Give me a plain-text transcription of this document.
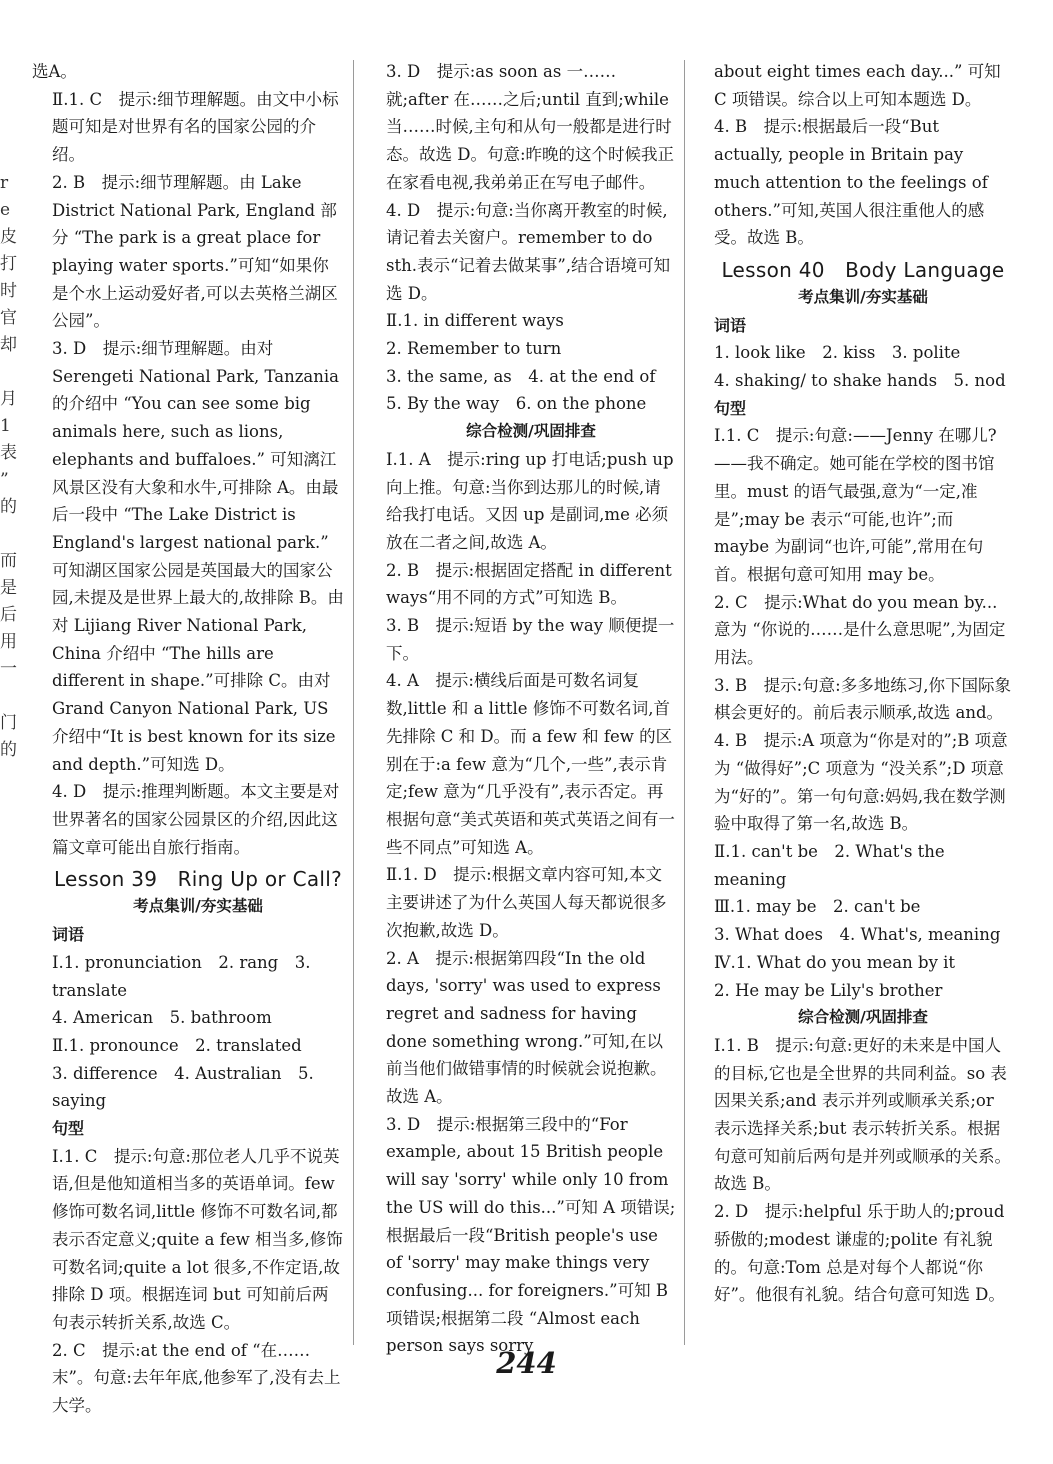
r
e
皮
打
时
官
却
月
1
表
”
的
而
是
后
用
一
门
的

选A。

Ⅱ.1. C　提示:细节理解题。由文中小标题可知是对世界有名的国家公园的介绍。

2. B　提示:细节理解题。由 Lake District National Park, England 部分 “The park is a great place for playing water sports.”可知“如果你是个水上运动爱好者,可以去英格兰湖区公园”。

3. D　提示:细节理解题。由对Serengeti National Park, Tanzania 的介绍中 “You can see some big animals here, such as lions, elephants and buffaloes.” 可知漓江风景区没有大象和水牛,可排除 A。由最后一段中 “The Lake District is England's largest national park.” 可知湖区国家公园是英国最大的国家公园,未提及是世界上最大的,故排除 B。由对 Lijiang River National Park, China 介绍中 “The hills are different in shape.”可排除 C。由对 Grand Canyon National Park, US 介绍中“It is best known for its size and depth.”可知选 D。

4. D　提示:推理判断题。本文主要是对世界著名的国家公园景区的介绍,因此这篇文章可能出自旅行指南。

Lesson 39　Ring Up or Call?

考点集训/夯实基础

词语

Ⅰ.1. pronunciation　2. rang　3. translate

4. American　5. bathroom

Ⅱ.1. pronounce　2. translated

3. difference　4. Australian　5. saying

句型

Ⅰ.1. C　提示:句意:那位老人几乎不说英语,但是他知道相当多的英语单词。few 修饰可数名词,little 修饰不可数名词,都表示否定意义;quite a few 相当多,修饰可数名词;quite a lot 很多,不作定语,故排除 D 项。根据连词 but 可知前后两句表示转折关系,故选 C。

2. C　提示:at the end of “在……末”。句意:去年年底,他参军了,没有去上大学。

3. D　提示:as soon as 一……就;after 在……之后;until 直到;while 当……时候,主句和从句一般都是进行时态。故选 D。句意:昨晚的这个时候我正在家看电视,我弟弟正在写电子邮件。

4. D　提示:句意:当你离开教室的时候,请记着去关窗户。remember to do sth.表示“记着去做某事”,结合语境可知选 D。

Ⅱ.1. in different ways

2. Remember to turn

3. the same, as　4. at the end of

5. By the way　6. on the phone

综合检测/巩固排查

Ⅰ.1. A　提示:ring up 打电话;push up 向上推。句意:当你到达那儿的时候,请给我打电话。又因 up 是副词,me 必须放在二者之间,故选 A。

2. B　提示:根据固定搭配 in different ways“用不同的方式”可知选 B。

3. B　提示:短语 by the way 顺便提一下。

4. A　提示:横线后面是可数名词复数,little 和 a little 修饰不可数名词,首先排除 C 和 D。而 a few 和 few 的区别在于:a few 意为“几个,一些”,表示肯定;few 意为“几乎没有”,表示否定。再根据句意“美式英语和英式英语之间有一些不同点”可知选 A。

Ⅱ.1. D　提示:根据文章内容可知,本文主要讲述了为什么英国人每天都说很多次抱歉,故选 D。

2. A　提示:根据第四段“In the old days, 'sorry' was used to express regret and sadness for having done something wrong.”可知,在以前当他们做错事情的时候就会说抱歉。故选 A。

3. D　提示:根据第三段中的“For example, about 15 British people will say 'sorry' while only 10 from the US will do this...”可知 A 项错误;根据最后一段“British people's use of 'sorry' may make things very confusing... for foreigners.”可知 B 项错误;根据第二段 “Almost each person says sorry

about eight times each day...” 可知 C 项错误。综合以上可知本题选 D。

4. B　提示:根据最后一段“But actually, people in Britain pay much attention to the feelings of others.”可知,英国人很注重他人的感受。故选 B。

Lesson 40　Body Language

考点集训/夯实基础

词语

1. look like　2. kiss　3. polite

4. shaking/ to shake hands　5. nod

句型

Ⅰ.1. C　提示:句意:——Jenny 在哪儿?——我不确定。她可能在学校的图书馆里。must 的语气最强,意为“一定,准是”;may be 表示“可能,也许”;而 maybe 为副词“也许,可能”,常用在句首。根据句意可知用 may be。

2. C　提示:What do you mean by... 意为 “你说的……是什么意思呢”,为固定用法。

3. B　提示:句意:多多地练习,你下国际象棋会更好的。前后表示顺承,故选 and。

4. B　提示:A 项意为“你是对的”;B 项意为 “做得好”;C 项意为 “没关系”;D 项意为“好的”。第一句句意:妈妈,我在数学测验中取得了第一名,故选 B。

Ⅱ.1. can't be　2. What's the meaning

Ⅲ.1. may be　2. can't be

3. What does　4. What's, meaning

Ⅳ.1. What do you mean by it

2. He may be Lily's brother

综合检测/巩固排查

Ⅰ.1. B　提示:句意:更好的未来是中国人的目标,它也是全世界的共同利益。so 表因果关系;and 表示并列或顺承关系;or 表示选择关系;but 表示转折关系。根据句意可知前后两句是并列或顺承的关系。故选 B。

2. D　提示:helpful 乐于助人的;proud 骄傲的;modest 谦虚的;polite 有礼貌的。句意:Tom 总是对每个人都说“你好”。他很有礼貌。结合句意可知选 D。

244
